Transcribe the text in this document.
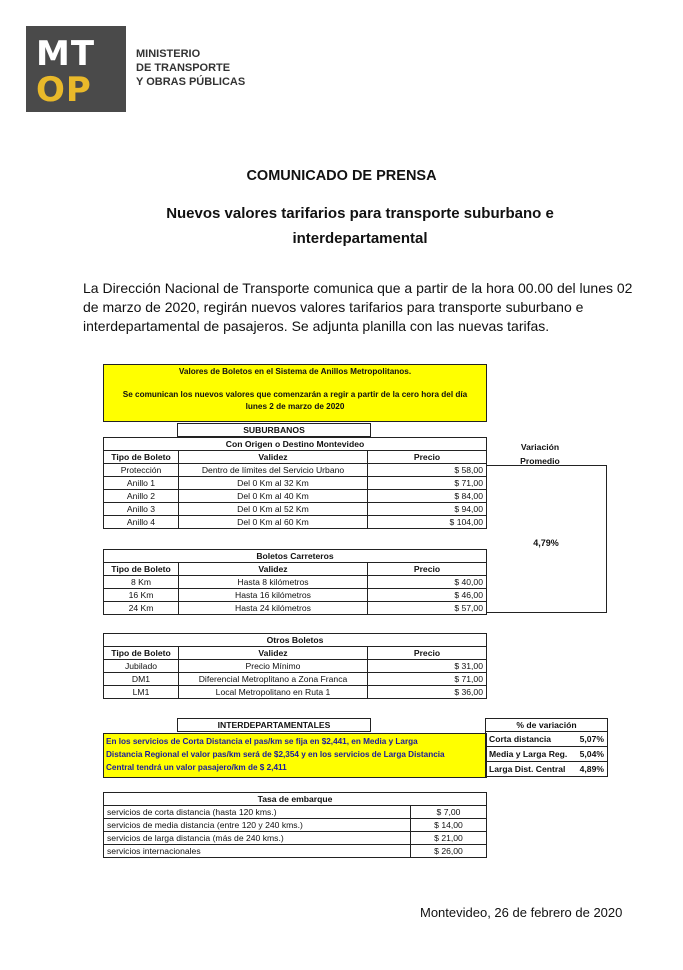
MT
OP
MINISTERIO
DE TRANSPORTE
Y OBRAS PÚBLICAS
COMUNICADO DE PRENSA
Nuevos valores tarifarios para transporte suburbano e
interdepartamental
La Dirección Nacional de Transporte comunica que a partir de la hora 00.00 del lunes 02 de marzo de 2020, regirán nuevos valores tarifarios para transporte suburbano e interdepartamental de pasajeros. Se adjunta planilla con las nuevas tarifas.
Valores de Boletos en el Sistema de Anillos Metropolitanos.
Se comunican los nuevos valores que comenzarán a regir a partir de la cero hora del día
lunes 2 de marzo de 2020
SUBURBANOS
Con Origen o Destino Montevideo		
Tipo de Boleto	Validez	Precio
Protección	Dentro de límites del Servicio Urbano	$ 58,00
Anillo 1	Del 0 Km al 32 Km	$ 71,00
Anillo 2	Del 0 Km al 40 Km	$ 84,00
Anillo 3	Del 0 Km al 52 Km	$ 94,00
Anillo 4	Del 0 Km al 60 Km	$ 104,00
Variación
Promedio
4,79%
Boletos Carreteros		
Tipo de Boleto	Validez	Precio
8 Km	Hasta 8 kilómetros	$ 40,00
16 Km	Hasta 16 kilómetros	$ 46,00
24 Km	Hasta 24 kilómetros	$ 57,00
Otros Boletos		
Tipo de Boleto	Validez	Precio
Jubilado	Precio Mínimo	$ 31,00
DM1	Diferencial Metroplitano a Zona Franca	$ 71,00
LM1	Local Metropolitano en Ruta 1	$ 36,00
INTERDEPARTAMENTALES
En los servicios de Corta Distancia el pas/km se fija en $2,441, en Media y Larga
Distancia Regional el valor pas/km será de $2,354 y en los servicios de Larga Distancia
Central tendrá un valor pasajero/km de $ 2,411
% de variación	
Corta distancia	5,07%
Media y Larga Reg.	5,04%
Larga Dist. Central	4,89%
Tasa de embarque	
servicios de corta distancia (hasta 120 kms.)	$ 7,00
servicios de media distancia (entre 120 y 240 kms.)	$ 14,00
servicios de larga distancia (más de 240 kms.)	$ 21,00
servicios internacionales	$ 26,00
Montevideo, 26 de febrero de 2020
